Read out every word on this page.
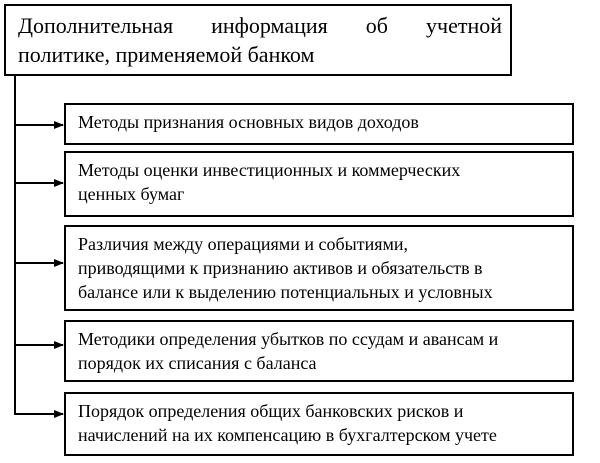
Дополнительная информация об учетной
политике, применяемой банком
Методы признания основных видов доходов
Методы оценки инвестиционных и коммерческих
ценных бумаг
Различия между операциями и событиями,
приводящими к признанию активов и обязательств в
балансе или к выделению потенциальных и условных
Методики определения убытков по ссудам и авансам и
порядок их списания с баланса
Порядок определения общих банковских рисков и
начислений на их компенсацию в бухгалтерском учете
